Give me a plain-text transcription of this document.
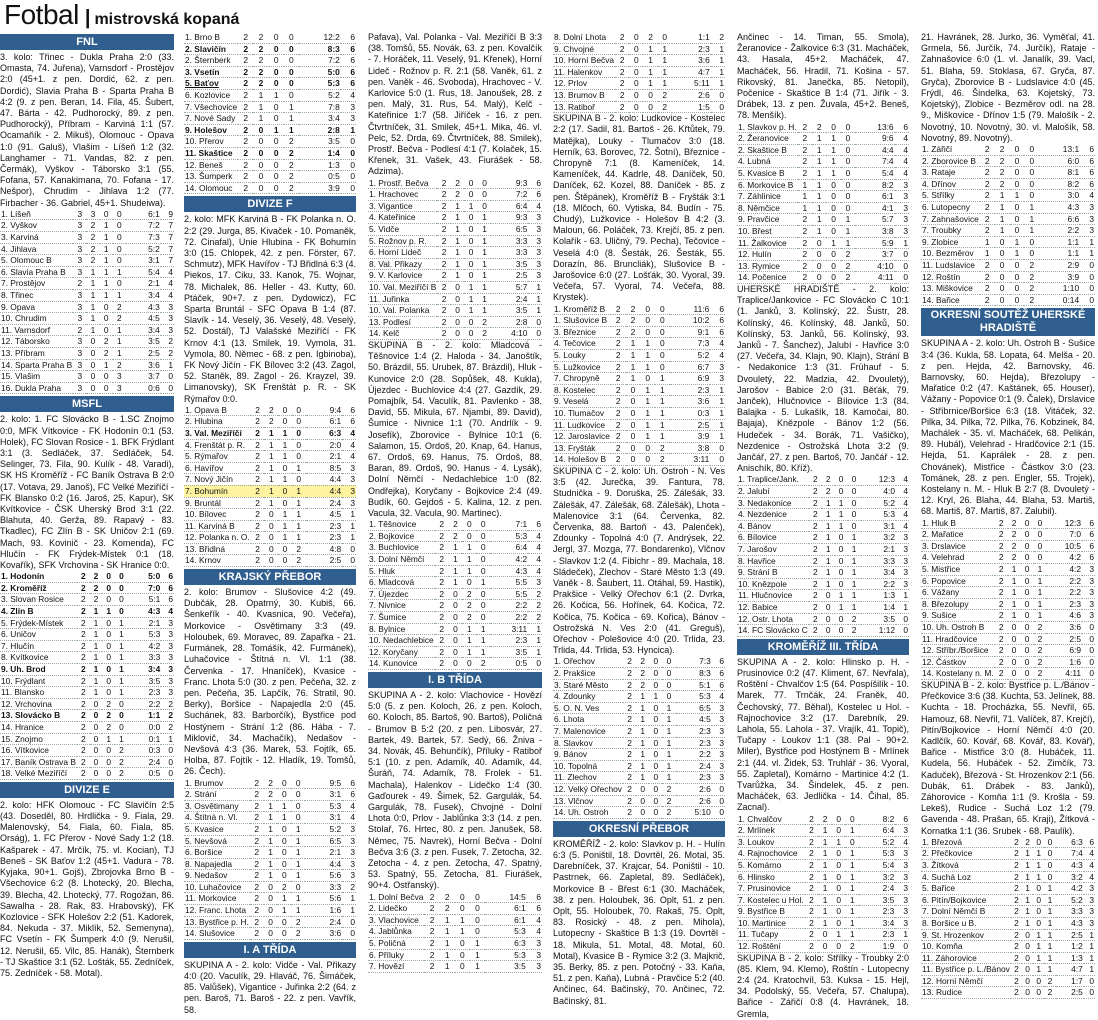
Fotbal | mistrovská kopaná
FNL
3. kolo: Třinec - Dukla Praha 2:0 (33. Omasta, 74. Juřena), Varnsdorf - Prostějov 2:0 (45+1. z pen. Dordić, 62. z pen. Dordić), Slavia Praha B - Sparta Praha B 4:2 (9. z pen. Beran, 14. Fila, 45. Šubert, 47. Bárta - 42. Pudhorocký, 89. z pen. Pudhorocký), Příbram - Karviná 1:1 (57. Ocamaňík - 2. Mikuš), Olomouc - Opava 1:0 (91. Galuš), Vlašim - Líšeň 1:2 (32. Langhamer - 71. Vandas, 82. z pen. Čermák), Vyškov - Táborsko 3:1 (55. Fofana, 57. Kanakimana, 70. Fofana - 17. Nešpor), Chrudim - Jihlava 1:2 (77. Firbacher - 36. Gabriel, 45+1. Shudeiwa).
1. Líšeň	3	3	0	0	6:1	9
2. Vyškov	3	2	1	0	7:2	7
3. Karviná	3	2	1	0	7:3	7
4. Jihlava	3	2	1	0	5:2	7
5. Olomouc B	3	2	1	0	3:1	7
6. Slavia Praha B	3	1	1	1	5:4	4
7. Prostějov	2	1	1	0	2:1	4
8. Třinec	3	1	1	1	3:4	4
9. Opava	3	1	0	2	4:3	3
10. Chrudim	3	1	0	2	4:5	3
11. Varnsdorf	2	1	0	1	3:4	3
12. Táborsko	3	0	2	1	3:5	2
13. Příbram	3	0	2	1	2:5	2
14. Sparta Praha B	3	0	1	2	3:6	1
15. Vlašim	3	0	0	3	3:7	0
16. Dukla Praha	3	0	0	3	0:6	0
MSFL
2. kolo: 1. FC Slovácko B - 1.SC Znojmo 0:0, MFK Vítkovice - FK Hodonín 0:1 (53. Holek), FC Slovan Rosice - 1. BFK Frýdlant 3:1 (3. Sedláček, 37. Sedláček, 54. Selinger, 73. Fila, 90. Kulík - 48. Varadi), SK HS Kroměříž - FC Baník Ostrava B 2:0 (17. Votava, 29. Janoš), FC Velké Meziříčí - FK Blansko 0:2 (16. Jaroš, 25. Kapur), SK Kvítkovice - ČSK Uherský Brod 3:1 (22. Blahuta, 40. Gerža, 89. Rapavý - 83. Tkadlec), FC Zlín B - SK Uničov 2:1 (69. Mach, 93. Kovinič - 23. Komenda), FC Hlučín - FK Frýdek-Místek 0:1 (18. Kovařík), SFK Vrchovina - SK Hranice 0:0.
1. Hodonín	2	2	0	0	5:0	6
2. Kroměříž	2	2	0	0	7:0	6
3. Slovan Rosice	2	2	0	0	5:1	6
4. Zlín B	2	1	1	0	4:3	4
5. Frýdek-Místek	2	1	0	1	2:1	3
6. Uničov	2	1	0	1	5:3	3
7. Hlučín	2	1	0	1	4:2	3
8. Kvítkovice	2	1	0	1	3:3	3
9. Uh. Brod	2	1	0	1	3:4	3
10. Frýdlant	2	1	0	1	3:5	3
11. Blansko	2	1	0	1	2:3	3
12. Vrchovina	2	0	2	0	2:2	2
13. Slovácko B	2	0	2	0	1:1	2
14. Hranice	2	0	2	0	0:0	2
15. Znojmo	2	0	1	1	0:1	1
16. Vítkovice	2	0	0	2	0:3	0
17. Baník Ostrava B	2	0	0	2	2:4	0
18. Velké Meziříčí	2	0	0	2	0:5	0
DIVIZE E
2. kolo: HFK Olomouc - FC Slavičín 2:5 (43. Doseděl, 80. Hrdlička - 9. Fiala, 29. Malenovský, 54. Fiala, 60. Fiala, 85. Orság), 1. FC Přerov - Nové Sady 1:2 (18. Kašparek - 47. Mrčík, 75. vl. Kocian), TJ Beneš - SK Baťov 1:2 (45+1. Vadura - 78. Kyjaka, 90+1. Gojš), Zbrojovka Brno B - Všechovice 6:2 (8. Lhotecký, 20. Blecha, 39. Blecha, 42. Lhotecký, 77. Rogožan, 86. Sawalha - 28. Rak, 83. Hrabovský), FK Kozlovice - SFK Holešov 2:2 (51. Kadorek, 84. Nekuda - 37. Miklík, 52. Semenyna), FC Vsetín - FK Šumperk 4:0 (9. Nerušil, 12. Nerušil, 65. Vilc, 85. Hanák), Šternberk - TJ Skaštice 3:1 (52. Lošták, 55. Zedníček, 75. Zedníček - 58. Motal).
1. Brno B	2	2	0	0	12:2	6
2. Slavičín	2	2	0	0	8:3	6
2. Šternberk	2	2	0	0	7:2	6
3. Vsetín	2	2	0	0	5:0	6
5. Baťov	2	2	0	0	5:3	6
6. Kozlovice	2	1	1	0	5:2	4
7. Všechovice	2	1	0	1	7:8	3
7. Nové Sady	2	1	0	1	3:4	3
9. Holešov	2	0	1	1	2:8	1
10. Přerov	2	0	0	2	3:5	0
11. Skaštice	2	0	0	2	1:4	0
12. Beneš	2	0	0	2	1:3	0
13. Šumperk	2	0	0	2	0:5	0
14. Olomouc	2	0	0	2	3:9	0
DIVIZE F
2. kolo: MFK Karviná B - FK Polanka n. O. 2:2 (29. Jurga, 85. Kivaček - 10. Pomaněk, 72. Cinafal), Unie Hlubina - FK Bohumín 3:0 (15. Chlopek, 42. z pen. Förster, 67. Schmutz), MFK Havířov - TJ Břidlná 6:3 (4. Piekos, 17. Ciku, 33. Kanok, 75. Wojnar, 78. Michalek, 86. Heller - 43. Kutty, 60. Ptáček, 90+7. z pen. Dydowicz), FC Sparta Bruntál - SFC Opava B 1:4 (87. Slavík - 14. Veselý, 36. Veselý, 48. Veselý, 52. Dostál), TJ Valašské Meziříčí - FK Krnov 4:1 (13. Smilek, 19. Vymola, 31. Vymola, 80. Němec - 68. z pen. Igbinoba), FK Nový Jičín - FK Bílovec 3:2 (43. Zagol, 52. Staněk, 89. Zagol - 26. Krayzel, 39. Limanovsky), SK Frenštát p. R. - SK Rýmařov 0:0.
1. Opava B	2	2	0	0	9:4	6
2. Hlubina	2	2	0	0	6:1	6
3. Val. Meziříčí	2	1	1	0	6:3	4
4. Frenštát p. R.	2	1	1	0	2:0	4
5. Rýmařov	2	1	1	0	2:1	4
6. Havířov	2	1	0	1	8:5	3
7. Nový Jičín	2	1	1	0	4:4	3
7. Bohumín	2	1	0	1	4:4	3
9. Bruntál	2	1	0	1	2:4	3
10. Bílovec	2	0	1	1	4:5	1
11. Karviná B	2	0	1	1	2:3	1
12. Polanka n. O.	2	0	1	1	2:3	1
13. Břidlná	2	0	0	2	4:8	0
14. Krnov	2	0	0	2	2:5	0
KRAJSKÝ PŘEBOR
2. kolo: Brumov - Slušovice 4:2 (49. Dubčák, 28. Opatrný, 30. Kubiš, 66. Šenkeřík - 40. Kvasnica, 90. Večeřa), Morkovice - Osvětimany 3:3 (49. Holoubek, 69. Moravec, 89. Zapařka - 21. Furmánek, 28. Tomášík, 42. Furmánek), Luhačovice - Štítná n. Vl. 1:1 (38. Červenka - 17. Hnaníček), Kvasice - Franc. Lhota 5:0 (30. z pen. Pečeňa, 32. z pen. Pečeňa, 35. Lapčík, 76. Stratil, 90. Berky), Boršice - Napajedla 2:0 (45. Suchánek, 83. Barborčík), Bystřice pod Hostýnem - Strání 1:2 (86. Hába - 7. Miklovič, 34. Machačík), Nedašov - Nevšová 4:3 (36. Marek, 53. Fojtík, 65. Holba, 87. Fojtík - 12. Hladík, 19. Tomšů, 26. Čech).
1. Brumov	2	2	0	0	9:5	6
2. Strání	2	2	0	0	3:1	6
3. Osvětimany	2	1	1	0	5:3	4
4. Štítná n. Vl.	2	1	1	0	3:1	4
5. Kvasice	2	1	0	1	5:2	3
5. Nevšová	2	1	0	1	6:5	3
6. Boršice	2	1	0	1	2:1	3
8. Napajedla	2	1	0	1	4:4	3
9. Nedašov	2	1	0	1	5:6	3
10. Luhačovice	2	0	2	0	3:3	2
11. Morkovice	2	0	1	1	5:6	1
12. Franc. Lhota	2	0	1	1	1:6	1
13. Bystřice p. H.	2	0	0	2	2:4	0
14. Slušovice	2	0	0	2	3:6	0
I. A TŘÍDA
SKUPINA A - 2. kolo: Vidče - Val. Přikazy 4:0 (20. Vaculík, 29. Hlaváč, 76. Šimáček, 85. Valůšek), Vigantice - Juřinka 2:2 (64. z pen. Baroš, 71. Baroš - 22. z pen. Vavřík, 58.
Pafava), Val. Polanka - Val. Meziříčí B 3:3 (38. Tomšů, 55. Novák, 63. z pen. Kovalčík - 7. Horáček, 11. Veselý, 91. Křenek), Horní Lideč - Rožnov p. R. 2:1 (58. Vaněk, 61. z pen. Vaněk - 46. Svoboda), Hrachovec - V. Karlovice 5:0 (1. Rus, 18. Janoušek, 28. z pen. Malý, 31. Rus, 54. Malý), Kelč - Kateřinice 1:7 (58. Jiříček - 16. z pen. Čtvrtníček, 31. Smilek, 45+1. Mika, 46. vl. Pelc, 52. Drda, 69. Čtvrtníček, 88. Smilek), Prostř. Bečva - Podlesí 4:1 (7. Kolaček, 15. Křenek, 31. Vašek, 43. Fiurášek - 58. Adzima).
1. Prostř. Bečva	2	2	0	0	9:3	6
1. Hrachovec	2	2	0	0	7:2	6
3. Vigantice	2	1	1	0	6:4	4
4. Kateřinice	2	1	0	1	9:3	3
5. Vidče	2	1	0	1	6:5	3
5. Rožnov p. R.	2	1	0	1	3:3	3
6. Horní Lideč	2	1	0	1	3:3	3
8. Val. Přikazy	2	1	0	1	3:5	3
9. V. Karlovice	2	1	0	1	2:5	3
10. Val. Meziříčí B	2	0	1	1	5:7	1
11. Juřinka	2	0	1	1	2:4	1
10. Val. Polanka	2	0	1	1	3:5	1
13. Podlesí	2	0	0	2	2:8	0
14. Kelč	2	0	0	2	4:10	0
SKUPINA B - 2. kolo: Mladcová - Těšnovice 1:4 (2. Haloda - 34. Janoštík, 50. Brázdil, 55. Urubek, 87. Brázdil), Hluk - Kunovice 2:0 (28. Sopůšek, 48. Kukla), Újezdec - Buchlovice 4:4 (27. Gazdík, 29. Pomajbík, 54. Vaculík, 81. Pavlenko - 38. David, 55. Mikula, 67. Njambi, 89. David), Šumice - Nivnice 1:1 (70. Andrlík - 9. Josefík), Zborovice - Bylnice 10:1 (6. Salamon, 15. Ordoš, 20. Knap, 64. Hanus, 67. Ordoš, 69. Hanus, 75. Ordoš, 88. Baran, 89. Ordoš, 90. Hanus - 4. Lysák), Dolní Němčí - Nedachlebice 1:0 (82. Ondřejka), Koryčany - Bojkovice 2:4 (49. Budík, 60. Gejdoš - 5. Kalina, 12. z pen. Vacula, 32. Vacula, 90. Martinec).
1. Těšnovice	2	2	0	0	7:1	6
2. Bojkovice	2	2	0	0	5:3	4
3. Buchlovice	2	1	1	0	6:4	4
3. Dolní Němčí	2	1	1	0	4:2	4
5. Hluk	2	1	1	0	4:3	4
6. Mladcová	2	1	0	1	5:5	3
7. Újezdec	2	0	2	0	5:5	2
7. Nivnice	2	0	2	0	2:2	2
7. Šumice	2	0	2	0	2:2	2
8. Bylnice	2	0	1	1	3:11	1
10. Nedachlebice	2	0	1	1	2:3	1
12. Koryčany	2	0	1	1	3:5	1
14. Kunovice	2	0	0	2	0:5	0
I. B TŘÍDA
SKUPINA A - 2. kolo: Vlachovice - Hovězí 5:0 (5. z pen. Koloch, 26. z pen. Koloch, 60. Koloch, 85. Bartoš, 90. Bartoš), Poličná - Brumov B 5:2 (20. z pen. Libosvár, 27. Bartek, 49. Bartek, 57. Sedý, 66. Žniva - 34. Novák, 45. Behunčík), Příluky - Ratiboř 5:1 (10. z pen. Adamík, 40. Adamík, 44. Šuráň, 74. Adamík, 78. Frolek - 51. Machala), Halenkov - Lidečko 1:4 (30. Gaďourek - 49. Šimek, 52. Gargulák, 54. Gargulák, 78. Fusek), Chvojné - Dolní Lhota 0:0, Prlov - Jablůnka 3:3 (14. z pen. Stolař, 76. Hrtec, 80. z pen. Janušek, 58. Němec, 75. Navrek), Horní Bečva - Dolní Bečva 3:6 (3. z pen. Fusek, 7. Zetocha, 32. Zetocha - 4. z pen. Zetocha, 47. Spatný, 53. Spatný, 55. Zetocha, 81. Fiurášek, 90+4. Ostřanský).
1. Dolní Bečva	2	2	0	0	14:5	6
2. Lidečko	2	2	0	0	6:1	6
3. Vlachovice	2	1	1	0	6:1	4
4. Jablůnka	2	1	1	0	5:3	4
5. Poličná	2	1	0	1	6:3	3
6. Příluky	2	1	0	1	5:3	3
7. Hovězí	2	1	0	1	3:5	3
8. Dolní Lhota	2	0	2	0	1:1	2
9. Chvojné	2	0	1	1	2:3	1
10. Horní Bečva	2	0	1	1	3:6	1
11. Halenkov	2	0	1	1	4:7	1
12. Prlov	2	0	1	1	5:11	1
13. Brumov B	2	0	0	2	2:6	0
13. Ratiboř	2	0	0	2	1:5	0
SKUPINA B - 2. kolo: Ludkovice - Kostelec 2:2 (17. Sadil, 81. Bartoš - 26. Křtůtek, 79. Matějka), Louky - Tlumačov 3:0 (18. Herník, 63. Borovec, 72. Šotní), Březnice - Chropyně 7:1 (8. Kameníček, 14. Kameníček, 44. Kadrle, 48. Daníček, 50. Daníček, 62. Kozel, 88. Daníček - 85. z pen. Štěpánek), Kroměříž B - Fryšták 3:1 (18. Mlčoch, 60. Vytiska, 84. Budín - 75. Chudý), Lužkovice - Holešov B 4:2 (3. Maloun, 66. Poláček, 73. Krejčí, 85. z pen. Kolařík - 63. Uličný, 79. Pecha), Tečovice - Veselá 4:0 (8. Šesták, 26. Šesták, 55. Dorazín, 86. Bruncliák), Slušovice B - Jarošovice 6:0 (27. Lošťák, 30. Vyoral, 39. Večeřa, 57. Vyoral, 74. Večeřa, 88. Krystek).
1. Kroměříž B	2	2	0	0	11:6	6
1. Slušovice B	2	2	0	0	10:2	6
3. Březnice	2	2	0	0	9:1	6
4. Tečovice	2	1	1	0	7:3	4
5. Louky	2	1	1	0	5:2	4
5. Lužkovice	2	1	1	0	6:7	3
7. Chropyně	2	1	0	1	6:9	3
8. Kostelec	2	0	1	1	2:3	1
9. Veselá	2	0	1	1	3:6	1
10. Tlumačov	2	0	1	1	0:3	1
11. Ludkovice	2	0	1	1	2:5	1
12. Jaroslavice	2	0	1	1	3:9	1
13. Fryšták	2	0	0	2	3:8	0
14. Holešov B	2	0	0	2	3:11	0
SKUPINA C - 2. kolo: Uh. Ostroh - N. Ves 3:5 (42. Jurečka, 39. Fantura, 78. Studnička - 9. Doruška, 25. Zálešák, 33. Zálešák, 47. Zálešák, 68. Zálešák), Lhota - Malenovice 3:1 (64. Červenka, 82. Červenka, 88. Bartoň - 43. Palenček), Zdounky - Topolná 4:0 (7. Andrýsek, 22. Jergl, 37. Mozga, 77. Bondarenko), Vlčnov - Slavkov 1:2 (4. Fibichr - 89. Machala, 18. Sládeček), Zlechov - Staré Město 1:3 (49. Vaněk - 8. Šaubert, 11. Otáhal, 59. Hastik), Prakšice - Velký Ořechov 6:1 (2. Dvrka, 26. Kočica, 56. Hořínek, 64. Kočica, 72. Kočica, 75. Kočica - 69. Kořica), Bánov - Ostrožská N. Ves 2:0 (41. Greguš), Ořechov - Polešovice 4:0 (20. Trlida, 23. Trlida, 44. Trlida, 53. Hyncica).
1. Ořechov	2	2	0	0	7:3	6
2. Prakšice	2	2	0	0	8:3	6
3. Staré Město	2	2	0	0	5:1	6
4. Zdounky	2	1	1	0	5:3	4
5. O. N. Ves	2	1	0	1	6:5	3
6. Lhota	2	1	0	1	4:5	3
7. Malenovice	2	1	0	1	2:3	3
8. Slavkov	2	1	0	1	2:3	3
9. Bánov	2	1	0	1	2:2	3
10. Topolná	2	1	0	1	2:4	3
11. Zlechov	2	1	0	1	2:3	3
12. Velký Ořechov	2	0	0	2	2:6	0
13. Vlčnov	2	0	0	2	2:6	0
14. Uh. Ostroh	2	0	0	2	5:10	0
OKRESNÍ PŘEBOR
KROMĚŘÍŽ - 2. kolo: Slavkov p. H. - Hulín 6:3 (5. Poništil, 18. Dovrtěl, 26. Motal, 35. Darebníček, 37. Krajcar, 54. Poništil - 10. Pastrnek, 66. Zapletal, 89. Sedláček), Morkovice B - Břest 6:1 (30. Macháček, 38. z pen. Holoubek, 36. Oplt, 51. z pen. Oplt, 55. Holoubek, 70. Rakaš, 75. Oplt, 83. Rosický - 48. z pen. Mihola), Lutopecny - Skaštice B 1:3 (19. Dovrtěl - 18. Mikula, 51. Motal, 48. Motal, 60. Motal), Kvasice B - Rymice 3:2 (3. Majkrič, 35. Berky, 85. z pen. Potočný - 33. Kaňa, 51. z pen. Kaňa), Lubná - Pravčice 5:2 (40. Ančinec, 64. Bačinský, 70. Ančinec, 72. Bačinský, 81.
Ančinec - 14. Timan, 55. Smola), Žeranovice - Žalkovice 6:3 (31. Macháček, 43. Hasala, 45+2. Macháček, 47. Macháček, 56. Hradil, 71. Košina - 57. Rikovský, 81. Janečka, 85. Netopil), Počenice - Skaštice B 1:4 (71. Jiřík - 3. Drábek, 13. z pen. Žuvala, 45+2. Beneš, 78. Menšík).
1. Slavkov p. H.	2	2	0	0	13:6	6
2. Žeranovice	2	1	1	0	9:6	4
2. Skaštice B	2	1	1	0	4:4	4
4. Lubná	2	1	1	0	7:4	4
5. Kvasice B	2	1	1	0	5:4	4
6. Morkovice B	1	1	0	0	8:2	3
7. Záhlinice	1	1	0	0	6:1	3
8. Němčice	1	1	0	0	4:1	3
9. Pravčice	2	1	0	1	5:7	3
10. Břest	2	1	0	1	3:8	3
11. Žalkovice	2	0	1	1	5:9	1
12. Hulín	2	0	0	2	3:7	0
13. Rymice	2	0	0	2	4:10	0
14. Počenice	2	0	0	2	4:11	0
UHERSKÉ HRADIŠTĚ - 2. kolo: Traplice/Jankovice - FC Slovácko C 10:1 (1. Janků, 3. Kolínský, 22. Šustr, 28. Kolínský, 46. Kolínský, 48. Janků, 50. Kolínský, 53. Janků, 56. Kolínský, 93. Janků - 7. Šanchez), Jalubí - Havřice 3:0 (27. Večeřa, 34. Klajn, 90. Klajn), Strání B - Nedakonice 1:3 (31. Frühauf - 5. Dvouletý, 22. Madzia, 42. Dvouletý), Jarošov - Babice 2:0 (31. Běťák, 79. Janček), Hlučnovice - Bílovice 1:3 (84. Balajka - 5. Lukašík, 18. Kamočai, 80. Bajaja), Knězpole - Bánov 1:2 (56. Hudeček - 34. Borák, 71. Vašičko), Nezdenice - Ostrožská Lhota 3:2 (9. Jančář, 27. z pen. Bartoš, 70. Jančář - 12. Anischík, 80. Kříž).
1. Traplice/Jank.	2	2	0	0	12:3	4
2. Jalubí	2	2	0	0	4:0	4
3. Nedakonice	2	1	1	0	5:2	4
4. Nezdenice	2	1	1	0	5:3	4
4. Bánov	2	1	1	0	3:1	4
6. Bílovice	2	1	0	1	3:2	3
7. Jarošov	2	1	0	1	2:1	3
8. Havřice	2	1	0	1	3:3	3
9. Strání B	2	1	0	1	3:4	3
10. Knězpole	2	1	0	1	2:2	3
11. Hlučnovice	2	0	1	1	1:3	1
12. Babice	2	0	1	1	1:4	1
12. Ostr. Lhota	2	0	0	2	3:5	0
14. FC Slovácko C	2	0	0	2	1:12	0
KROMĚŘÍŽ III. TŘÍDA
SKUPINA A - 2. kolo: Hlinsko p. H. - Prusinovice 0:2 (47. Kliment, 67. Nevřala), Roštění - Chvalčov 1:5 (64. Pospíšilík - 10. Marek, 77. Trnčák, 24. Franěk, 40. Čechovský, 77. Běhal), Kostelec u Hol. - Rajnochovice 3:2 (17. Darebník, 29. Lahola, 55. Lahola - 37. Vrajík, 41. Topič), Tučapy - Loukov 1:1 (38. Pal - 90+2. Miler), Bystřice pod Hostýnem B - Mrlínek 2:1 (44. vl. Židek, 53. Truhlář - 36. Vyoral, 55. Zapletal), Komárno - Martinice 4:2 (1. Tvarůžka, 34. Šindelek, 45. z pen. Macháček, 63. Jedlička - 14. Čihal, 85. Zacnal).
1. Chvalčov	2	2	0	0	8:2	6
2. Mrlínek	2	1	0	1	6:4	3
3. Loukov	2	1	1	0	5:2	4
4. Rajnochovice	2	1	0	1	5:3	3
5. Komárno	2	1	0	1	5:4	3
6. Hlinsko	2	1	0	1	3:2	3
7. Prusinovice	2	1	0	1	2:4	3
7. Kostelec u Hol.	2	1	0	1	3:5	3
9. Bystřice B	2	1	0	1	2:3	3
10. Martinice	2	1	0	1	3:4	3
11. Tučapy	2	0	1	1	2:3	1
12. Roštění	2	0	0	2	1:9	0
SKUPINA B - 2. kolo: Střílky - Troubky 2:0 (85. Klem, 94. Klemo), Roštín - Lutopecny 2:4 (24. Kratochvíl, 53. Kuksa - 15. Hejl, 34. Podolský, 55. Večeřa, 57. Chalupa), Bařice - Zářičí 0:8 (4. Havránek, 18. Gremla,
21. Havránek, 28. Jurko, 36. Vyměťal, 41. Grmela, 56. Jurčík, 74. Jurčík), Rataje - Zahnašovice 6:0 (1. vl. Janalík, 39. Vacl, 51. Blaha, 59. Stoklasa, 67. Gryča, 87. Gryča), Zborovice B - Ludslavice 4:0 (45. Frýdl, 46. Šindelka, 63. Kojetský, 73. Kojetský), Zlobice - Bezměrov odl. na 28. 9., Miškovice - Dřínov 1:5 (79. Malošík - 2. Novotný, 10. Novotný, 30. vl. Malošík, 58. Novotný, 89. Novotný).
1. Zářičí	2	2	0	0	13:1	6
2. Zborovice B	2	2	0	0	6:0	6
3. Rataje	2	2	0	0	8:1	6
4. Dřínov	2	2	0	0	8:2	6
5. Střílky	2	1	1	0	3:0	4
6. Lutopecny	2	1	0	1	4:3	3
7. Zahnašovice	2	1	0	1	6:6	3
7. Troubky	2	1	0	1	2:2	3
9. Zlobice	1	0	1	0	1:1	1
10. Bezměrov	1	0	1	0	1:1	1
11. Ludslavice	2	0	0	2	2:9	0
12. Roštín	2	0	0	2	3:9	0
13. Miškovice	2	0	0	2	1:10	0
14. Bařice	2	0	0	2	0:14	0
OKRESNÍ SOUTĚŽ UHERSKÉ HRADIŠTĚ
SKUPINA A - 2. kolo: Uh. Ostroh B - Sušice 3:4 (36. Kukla, 58. Lopata, 64. Melša - 20. z pen. Hejda, 42. Barnovsky, 46. Barnovsky, 60. Hejda), Březolupy - Mařatice 0:2 (47. Kaštánek, 65. Houser), Vážany - Popovice 0:1 (9. Čalek), Drslavice - Stříbrnice/Boršice 6:3 (18. Vitáček, 32. Pilka, 34. Pilka, 72. Pilka, 76. Kobzinek, 84. Machálek - 35. vl. Macháček, 68. Pelikán, 89. Hubál), Velehrad - Hradčovice 2:1 (15. Hejda, 51. Kaprálek - 28. z pen. Chovánek), Mistřice - Částkov 3:0 (23. Tománek, 28. z pen. Engler, 55. Trojek), Kostelany n. M. - Hluk B 2:7 (8. Dvouletý - 12. Kryl, 26. Blaha, 44. Blaha, 53. Martiš, 68. Martiš, 87. Martiš, 87. Zalubil).
1. Hluk B	2	2	0	0	12:3	6
2. Mařatice	2	2	0	0	7:0	6
3. Drslavice	2	2	0	0	10:5	6
4. Velehrad	2	2	0	0	4:2	6
5. Mistřice	2	1	0	1	4:2	3
6. Popovice	2	1	0	1	2:2	3
6. Vážany	2	1	0	1	2:2	3
8. Březolupy	2	1	0	1	2:3	3
9. Sušice	2	1	0	1	4:6	3
10. Uh. Ostroh B	2	0	0	2	3:6	0
11. Hradčovice	2	0	0	2	2:5	0
12. Stříbr./Boršice	2	0	0	2	6:9	0
12. Částkov	2	0	0	2	1:6	0
14. Kostelany n. M.	2	0	0	2	4:11	0
SKUPINA B - 2. kolo: Bystřice p. L./Bánov - Přečkovice 3:6 (38. Kuchta, 53. Jelínek, 88. Kuchta - 18. Procházka, 55. Nevřil, 65. Hamouz, 68. Nevřil, 71. Valíček, 87. Krejčí), Pitín/Bojkovice - Horní Němčí 4:0 (20. Kadlčík, 60. Kovář, 68. Kovář, 83. Kovář), Bařice - Mistřice 3:0 (8. Hubáček, 11. Kudela, 56. Hubáček - 52. Zimčík, 73. Kaduček), Březová - St. Hrozenkov 2:1 (56. Dubák, 61. Drábek - 83. Janků), Záhorovice - Komňa 1:1 (9. Krošla - 59. Lekeš), Rudice - Suchá Loz 1:2 (79. Gavenda - 48. Prašan, 65. Kraji), Žítková - Kornatka 1:1 (36. Srubek - 68. Paulík).
1. Březová	2	2	0	0	6:3	6
2. Přečkovice	2	1	1	0	7:4	4
3. Žítková	2	1	1	0	4:3	4
4. Suchá Loz	2	1	1	0	3:2	4
5. Bařice	2	1	0	1	4:2	3
6. Pitín/Bojkovice	2	1	0	1	5:2	3
7. Dolní Němčí B	2	1	0	1	3:3	3
8. Boršice u B.	2	1	0	1	4:3	3
9. St. Hrozenkov	2	0	1	1	2:5	1
10. Komňa	2	0	1	1	1:2	1
11. Záhorovice	2	0	1	1	1:3	1
11. Bystřice p. L./Bánov	2	0	1	1	4:7	1
12. Horní Němčí	2	0	0	2	1:7	0
13. Rudice	2	0	0	2	2:5	0
